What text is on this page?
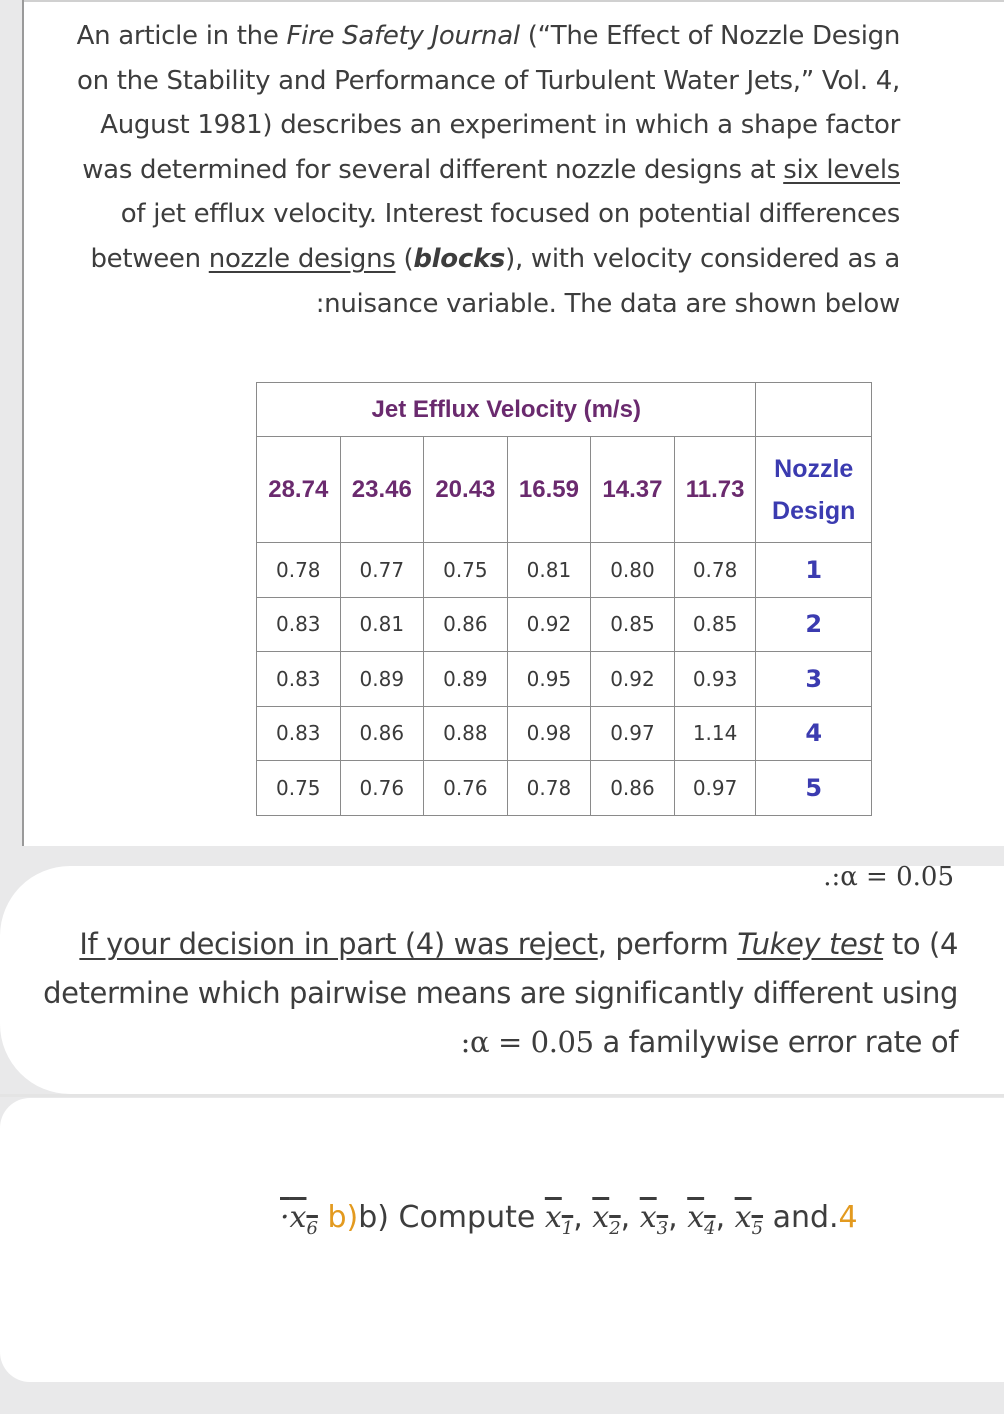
An article in the Fire Safety Journal (“The Effect of Nozzle Design
on the Stability and Performance of Turbulent Water Jets,” Vol. 4,
August 1981) describes an experiment in which a shape factor
was determined for several different nozzle designs at six levels
of jet efflux velocity. Interest focused on potential differences
between nozzle designs (blocks), with velocity considered as a
:nuisance variable. The data are shown below
Jet Efflux Velocity (m/s)						
28.74	23.46	20.43	16.59	14.37	11.73	Nozzle
Design
0.78	0.77	0.75	0.81	0.80	0.78	1
0.83	0.81	0.86	0.92	0.85	0.85	2
0.83	0.89	0.89	0.95	0.92	0.93	3
0.83	0.86	0.88	0.98	0.97	1.14	4
0.75	0.76	0.76	0.78	0.86	0.97	5
.:α = 0.05
If your decision in part (4) was reject, perform Tukey test to (4
determine which pairwise means are significantly different using
:α = 0.05 a familywise error rate of
$\cdot x_6$ b)b) Compute $x_1$, $x_2$, $x_3$, $x_4$, $x_5$ and.4
